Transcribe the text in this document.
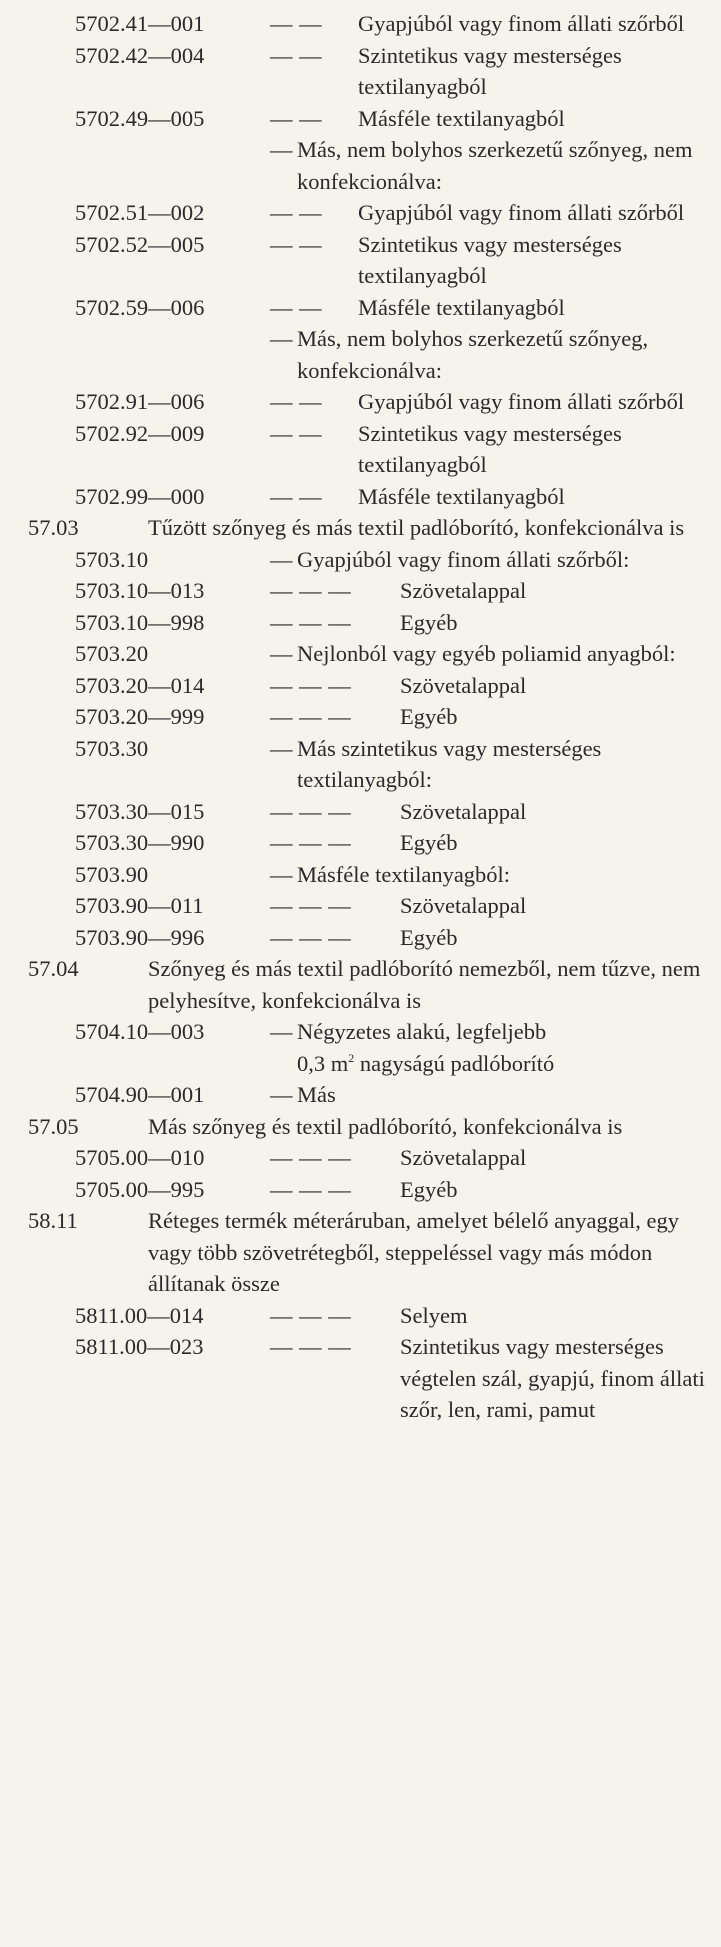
5702.41—001	— — Gyapjúból vagy finom állati szőrből
5702.42—004	— — Szintetikus vagy mesterséges textilanyagból
5702.49—005	— — Másféle textilanyagból
— Más, nem bolyhos szerkezetű szőnyeg, nem konfekcionálva:
5702.51—002	— — Gyapjúból vagy finom állati szőrből
5702.52—005	— — Szintetikus vagy mesterséges textilanyagból
5702.59—006	— — Másféle textilanyagból
— Más, nem bolyhos szerkezetű szőnyeg, konfekcionálva:
5702.91—006	— — Gyapjúból vagy finom állati szőrből
5702.92—009	— — Szintetikus vagy mesterséges textilanyagból
5702.99—000	— — Másféle textilanyagból
57.03	Tűzött szőnyeg és más textil padlóborító, konfekcionálva is
5703.10	— Gyapjúból vagy finom állati szőrből:
5703.10—013	— — — Szövetalappal
5703.10—998	— — — Egyéb
5703.20	— Nejlonból vagy egyéb poliamid anyagból:
5703.20—014	— — — Szövetalappal
5703.20—999	— — — Egyéb
5703.30	— Más szintetikus vagy mesterséges textilanyagból:
5703.30—015	— — — Szövetalappal
5703.30—990	— — — Egyéb
5703.90	— Másféle textilanyagból:
5703.90—011	— — — Szövetalappal
5703.90—996	— — — Egyéb
57.04	Szőnyeg és más textil padlóborító nemezből, nem tűzve, nem pelyhesítve, konfekcionálva is
5704.10—003	— Négyzetes alakú, legfeljebb
0,3 $m^2$ nagyságú padlóborító
5704.90—001	— Más
57.05	Más szőnyeg és textil padlóborító, konfekcionálva is
5705.00—010	— — — Szövetalappal
5705.00—995	— — — Egyéb
58.11	Réteges termék méteráruban, amelyet bélelő anyaggal, egy vagy több szövetrétegből, steppeléssel vagy más módon állítanak össze
5811.00—014	— — — Selyem
5811.00—023	— — — Szintetikus vagy mesterséges végtelen szál, gyapjú, finom állati szőr, len, rami, pamut
